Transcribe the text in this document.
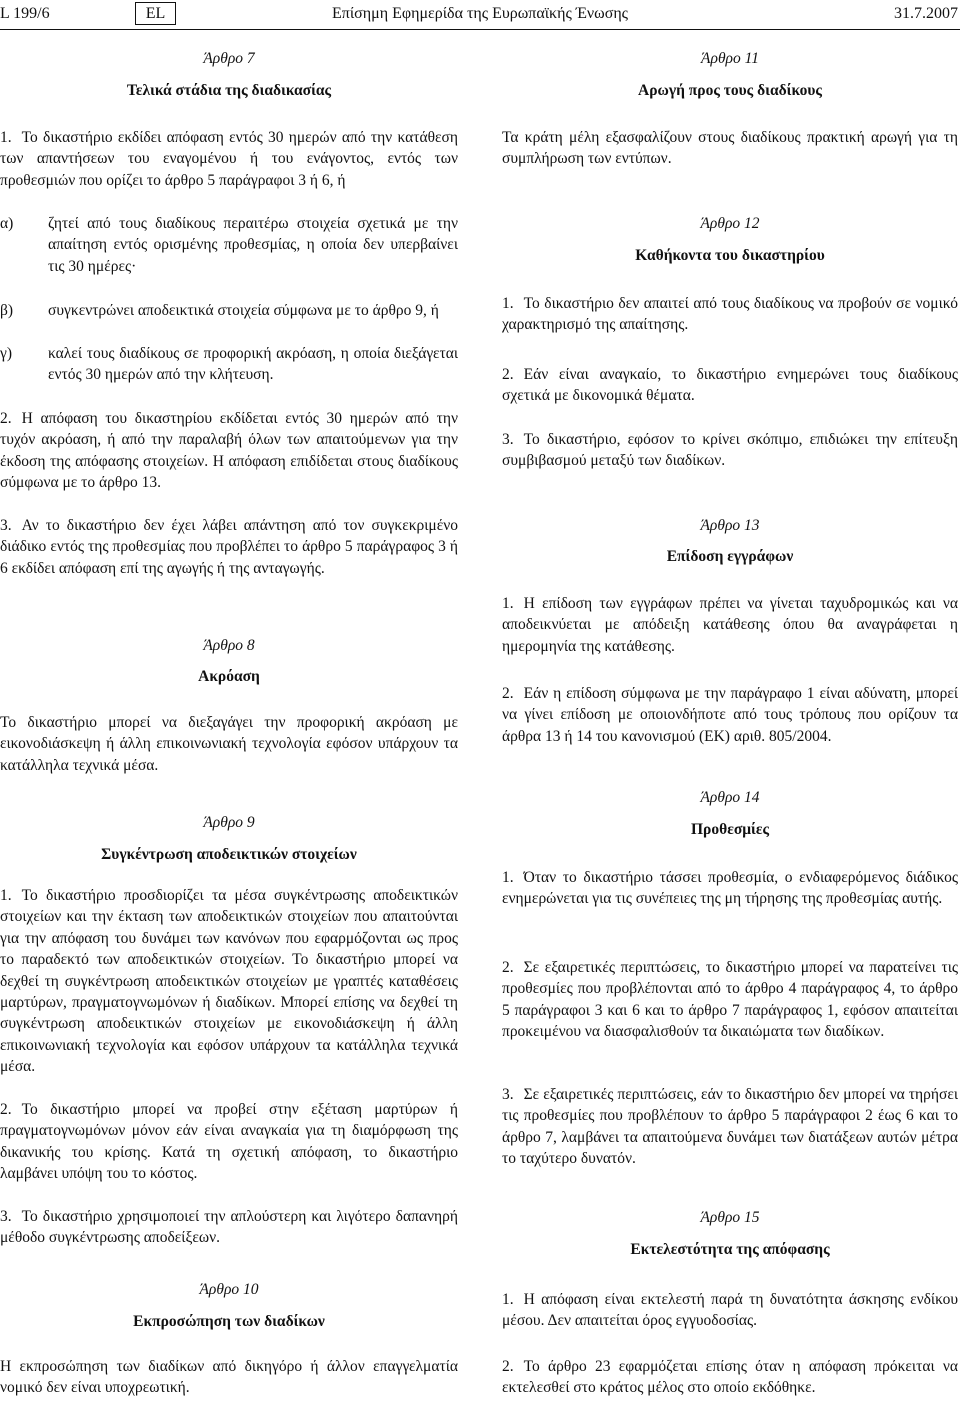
L 199/6	EL	Επίσημη Εφημερίδα της Ευρωπαϊκής Ένωσης	31.7.2007

Άρθρο 7

Τελικά στάδια της διαδικασίας

1. Το δικαστήριο εκδίδει απόφαση εντός 30 ημερών από την κατάθεση των απαντήσεων του εναγομένου ή του ενάγοντος, εντός των προθεσμιών που ορίζει το άρθρο 5 παράγραφοι 3 ή 6, ή

α)	ζητεί από τους διαδίκους περαιτέρω στοιχεία σχετικά με την απαίτηση εντός ορισμένης προθεσμίας, η οποία δεν υπερβαίνει τις 30 ημέρες·
β)	συγκεντρώνει αποδεικτικά στοιχεία σύμφωνα με το άρθρο 9, ή
γ)	καλεί τους διαδίκους σε προφορική ακρόαση, η οποία διεξάγεται εντός 30 ημερών από την κλήτευση.

2. Η απόφαση του δικαστηρίου εκδίδεται εντός 30 ημερών από την τυχόν ακρόαση, ή από την παραλαβή όλων των απαιτούμενων για την έκδοση της απόφασης στοιχείων. Η απόφαση επιδίδεται στους διαδίκους σύμφωνα με το άρθρο 13.

3. Αν το δικαστήριο δεν έχει λάβει απάντηση από τον συγκεκριμένο διάδικο εντός της προθεσμίας που προβλέπει το άρθρο 5 παράγραφος 3 ή 6 εκδίδει απόφαση επί της αγωγής ή της ανταγωγής.

Άρθρο 8

Ακρόαση

Το δικαστήριο μπορεί να διεξαγάγει την προφορική ακρόαση με εικονοδιάσκεψη ή άλλη επικοινωνιακή τεχνολογία εφόσον υπάρχουν τα κατάλληλα τεχνικά μέσα.

Άρθρο 9

Συγκέντρωση αποδεικτικών στοιχείων

1. Το δικαστήριο προσδιορίζει τα μέσα συγκέντρωσης αποδεικτικών στοιχείων και την έκταση των αποδεικτικών στοιχείων που απαιτούνται για την απόφαση του δυνάμει των κανόνων που εφαρμόζονται ως προς το παραδεκτό των αποδεικτικών στοιχείων. Το δικαστήριο μπορεί να δεχθεί τη συγκέντρωση αποδεικτικών στοιχείων με γραπτές καταθέσεις μαρτύρων, πραγματογνωμόνων ή διαδίκων. Μπορεί επίσης να δεχθεί τη συγκέντρωση αποδεικτικών στοιχείων με εικονοδιάσκεψη ή άλλη επικοινωνιακή τεχνολογία και εφόσον υπάρχουν τα κατάλληλα τεχνικά μέσα.

2. Το δικαστήριο μπορεί να προβεί στην εξέταση μαρτύρων ή πραγματογνωμόνων μόνον εάν είναι αναγκαία για τη διαμόρφωση της δικανικής του κρίσης. Κατά τη σχετική απόφαση, το δικαστήριο λαμβάνει υπόψη του το κόστος.

3. Το δικαστήριο χρησιμοποιεί την απλούστερη και λιγότερο δαπανηρή μέθοδο συγκέντρωσης αποδείξεων.

Άρθρο 10

Εκπροσώπηση των διαδίκων

Η εκπροσώπηση των διαδίκων από δικηγόρο ή άλλον επαγγελματία νομικό δεν είναι υποχρεωτική.

Άρθρο 11

Αρωγή προς τους διαδίκους

Τα κράτη μέλη εξασφαλίζουν στους διαδίκους πρακτική αρωγή για τη συμπλήρωση των εντύπων.

Άρθρο 12

Καθήκοντα του δικαστηρίου

1. Το δικαστήριο δεν απαιτεί από τους διαδίκους να προβούν σε νομικό χαρακτηρισμό της απαίτησης.

2. Εάν είναι αναγκαίο, το δικαστήριο ενημερώνει τους διαδίκους σχετικά με δικονομικά θέματα.

3. Το δικαστήριο, εφόσον το κρίνει σκόπιμο, επιδιώκει την επίτευξη συμβιβασμού μεταξύ των διαδίκων.

Άρθρο 13

Επίδοση εγγράφων

1. Η επίδοση των εγγράφων πρέπει να γίνεται ταχυδρομικώς και να αποδεικνύεται με απόδειξη κατάθεσης όπου θα αναγράφεται η ημερομηνία της κατάθεσης.

2. Εάν η επίδοση σύμφωνα με την παράγραφο 1 είναι αδύνατη, μπορεί να γίνει επίδοση με οποιονδήποτε από τους τρόπους που ορίζουν τα άρθρα 13 ή 14 του κανονισμού (ΕΚ) αριθ. 805/2004.

Άρθρο 14

Προθεσμίες

1. Όταν το δικαστήριο τάσσει προθεσμία, ο ενδιαφερόμενος διάδικος ενημερώνεται για τις συνέπειες της μη τήρησης της προθεσμίας αυτής.

2. Σε εξαιρετικές περιπτώσεις, το δικαστήριο μπορεί να παρατείνει τις προθεσμίες που προβλέπονται από το άρθρο 4 παράγραφος 4, το άρθρο 5 παράγραφοι 3 και 6 και το άρθρο 7 παράγραφος 1, εφόσον απαιτείται προκειμένου να διασφαλισθούν τα δικαιώματα των διαδίκων.

3. Σε εξαιρετικές περιπτώσεις, εάν το δικαστήριο δεν μπορεί να τηρήσει τις προθεσμίες που προβλέπουν το άρθρο 5 παράγραφοι 2 έως 6 και το άρθρο 7, λαμβάνει τα απαιτούμενα δυνάμει των διατάξεων αυτών μέτρα το ταχύτερο δυνατόν.

Άρθρο 15

Εκτελεστότητα της απόφασης

1. Η απόφαση είναι εκτελεστή παρά τη δυνατότητα άσκησης ενδίκου μέσου. Δεν απαιτείται όρος εγγυοδοσίας.

2. Το άρθρο 23 εφαρμόζεται επίσης όταν η απόφαση πρόκειται να εκτελεσθεί στο κράτος μέλος στο οποίο εκδόθηκε.
